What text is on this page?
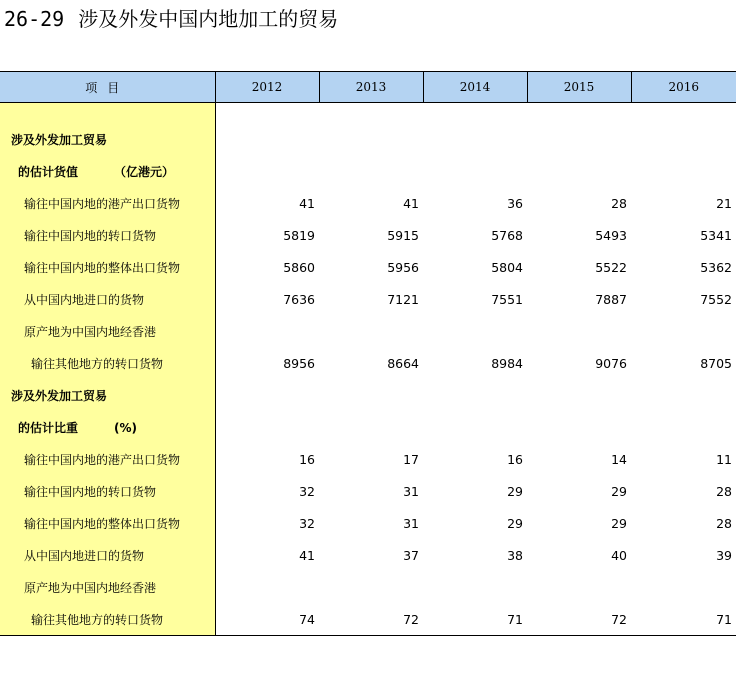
26-29 涉及外发中国内地加工的贸易
项目	2012	2013	2014	2015	2016

涉及外发加工贸易					
的估计货值 （亿港元）					
输往中国内地的港产出口货物	41	41	36	28	21
输往中国内地的转口货物	5819	5915	5768	5493	5341
输往中国内地的整体出口货物	5860	5956	5804	5522	5362
从中国内地进口的货物	7636	7121	7551	7887	7552
原产地为中国内地经香港					
输往其他地方的转口货物	8956	8664	8984	9076	8705
涉及外发加工贸易					
的估计比重 (%)					
输往中国内地的港产出口货物	16	17	16	14	11
输往中国内地的转口货物	32	31	29	29	28
输往中国内地的整体出口货物	32	31	29	29	28
从中国内地进口的货物	41	37	38	40	39
原产地为中国内地经香港					
输往其他地方的转口货物	74	72	71	72	71
